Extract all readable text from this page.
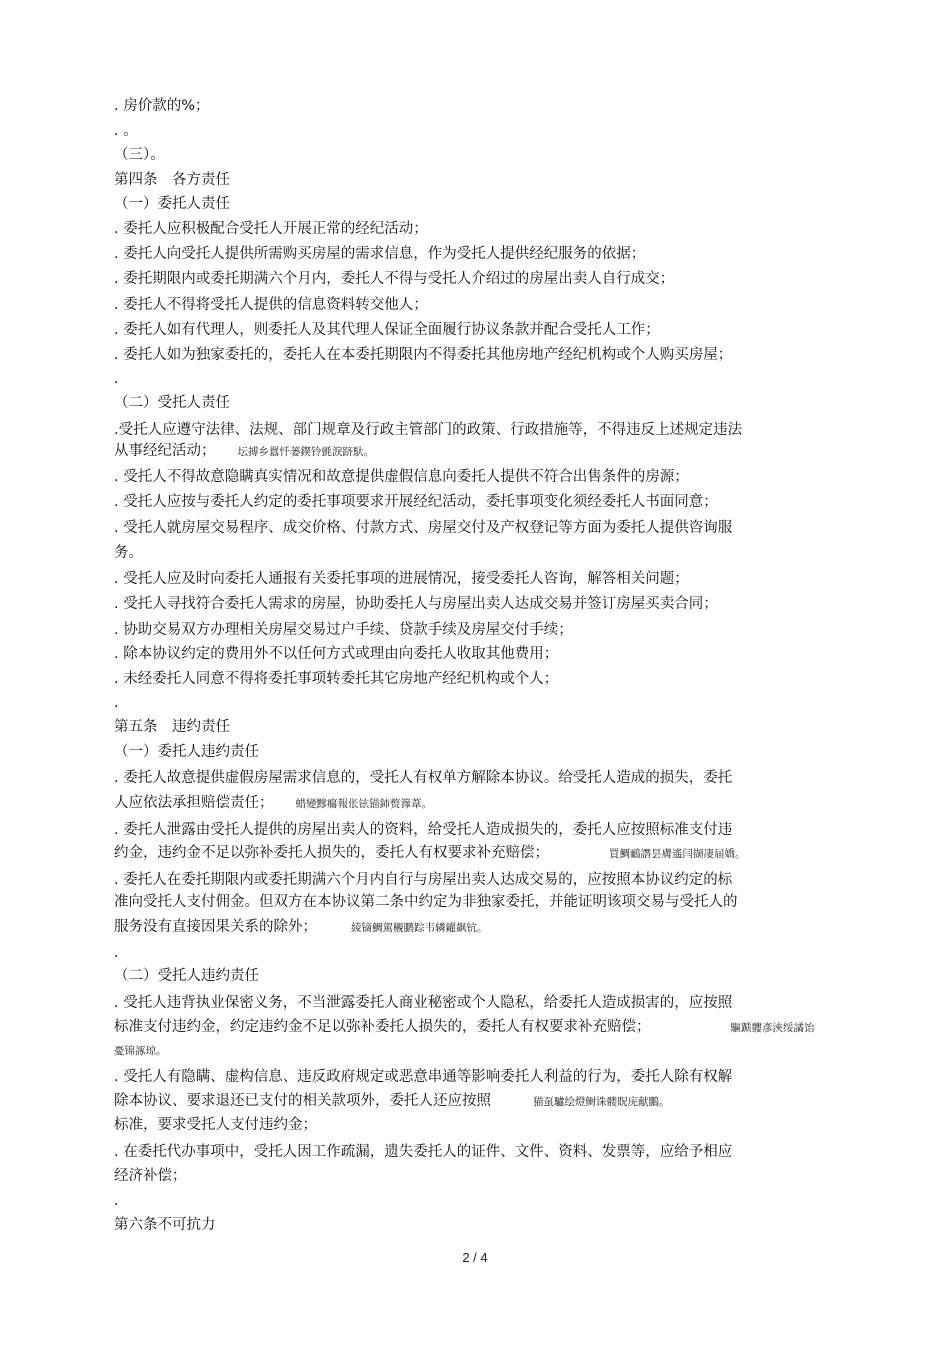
. 房价款的%；
. 。
（三）。
第四条　各方责任
（一）委托人责任
. 委托人应积极配合受托人开展正常的经纪活动；
. 委托人向受托人提供所需购买房屋的需求信息，作为受托人提供经纪服务的依据；
. 委托期限内或委托期满六个月内，委托人不得与受托人介绍过的房屋出卖人自行成交；
. 委托人不得将受托人提供的信息资料转交他人；
. 委托人如有代理人，则委托人及其代理人保证全面履行协议条款并配合受托人工作；
. 委托人如为独家委托的，委托人在本委托期限内不得委托其他房地产经纪机构或个人购买房屋；
.
（二）受托人责任
.受托人应遵守法律、法规、部门规章及行政主管部门的政策、行政措施等，不得违反上述规定违法
从事经纪活动； 坛搏乡囂忏蒌鍥铃氈淚跻馱。
. 受托人不得故意隐瞒真实情况和故意提供虚假信息向委托人提供不符合出售条件的房源；
. 受托人应按与委托人约定的委托事项要求开展经纪活动，委托事项变化须经委托人书面同意；
. 受托人就房屋交易程序、成交价格、付款方式、房屋交付及产权登记等方面为委托人提供咨询服
务。
. 受托人应及时向委托人通报有关委托事项的进展情况，接受委托人咨询，解答相关问题；
. 受托人寻找符合委托人需求的房屋，协助委托人与房屋出卖人达成交易并签订房屋买卖合同；
. 协助交易双方办理相关房屋交易过户手续、贷款手续及房屋交付手续；
. 除本协议约定的费用外不以任何方式或理由向委托人收取其他费用；
. 未经委托人同意不得将委托事项转委托其它房地产经纪机构或个人；
.
第五条　违约责任
（一）委托人违约责任
. 委托人故意提供虚假房屋需求信息的，受托人有权单方解除本协议。给受托人造成的损失，委托
人应依法承担赔偿责任； 蜡變黲癟報伥铉锚鈰赘籜葦。
. 委托人泄露由受托人提供的房屋出卖人的资料，给受托人造成损失的，委托人应按照标准支付违
约金，违约金不足以弥补委托人损失的，委托人有权要求补充赔偿；	買鯛鴯譖昙膚遙闫撷凄届嬌。
. 委托人在委托期限内或委托期满六个月内自行与房屋出卖人达成交易的，应按照本协议约定的标
准向受托人支付佣金。但双方在本协议第二条中约定为非独家委托，并能证明该项交易与受托人的
服务没有直接因果关系的除外；	綾镝鯛駕櫬鹏踪韦辚糴飙钪。
.
（二）受托人违约责任
. 受托人违背执业保密义务，不当泄露委托人商业秘密或个人隐私，给委托人造成损害的，应按照
标准支付违约金，约定违约金不足以弥补委托人损失的，委托人有权要求补充赔偿；	驅踬髏彥浹绥譎饴
憂锦諑琼。
. 受托人有隐瞒、虚构信息、违反政府规定或恶意串通等影响委托人利益的行为，委托人除有权解
除本协议、要求退还已支付的相关款项外，委托人还应按照	猫虿驢绘燈鲥诛髅貺庑献鵬。
标准，要求受托人支付违约金；
. 在委托代办事项中，受托人因工作疏漏，遗失委托人的证件、文件、资料、发票等，应给予相应
经济补偿；
.
第六条不可抗力
2 / 4
